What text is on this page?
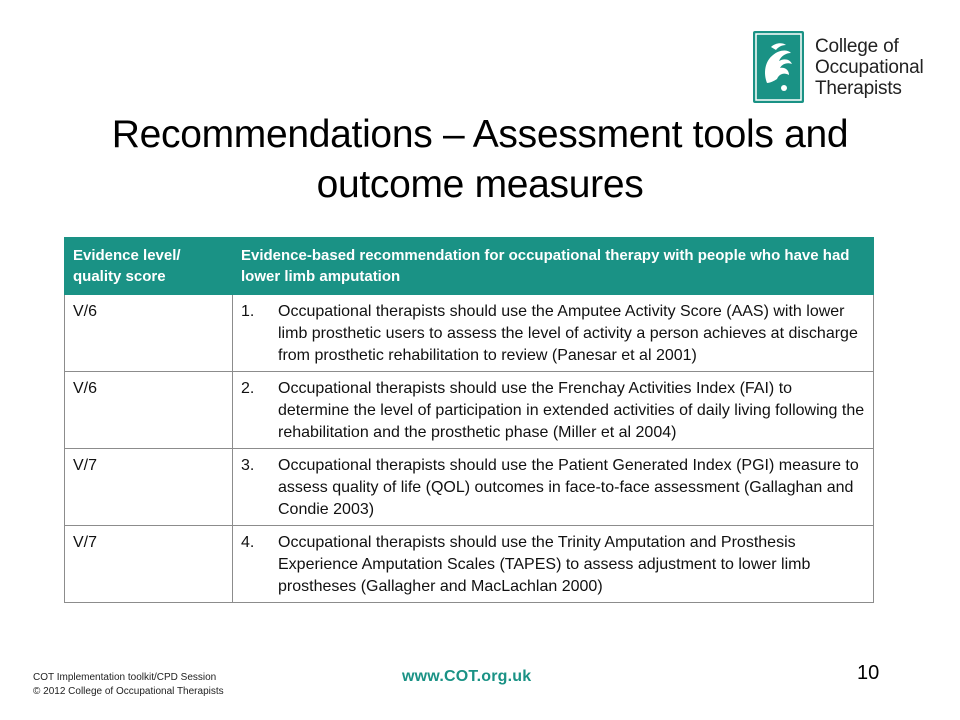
College of
Occupational
Therapists
Recommendations – Assessment tools and outcome measures
Evidence level/ quality score	Evidence-based recommendation for occupational therapy with people who have had lower limb amputation
V/6	1. Occupational therapists should use the Amputee Activity Score (AAS) with lower limb prosthetic users to assess the level of activity a person achieves at discharge from prosthetic rehabilitation to review (Panesar et al 2001)

V/6	2. Occupational therapists should use the Frenchay Activities Index (FAI) to determine the level of participation in extended activities of daily living following the rehabilitation and the prosthetic phase (Miller et al 2004)

V/7	3. Occupational therapists should use the Patient Generated Index (PGI) measure to assess quality of life (QOL) outcomes in face-to-face assessment (Gallaghan and Condie 2003)

V/7	4. Occupational therapists should use the Trinity Amputation and Prosthesis Experience Amputation Scales (TAPES) to assess adjustment to lower limb prostheses (Gallagher and MacLachlan 2000)
COT Implementation toolkit/CPD Session
© 2012 College of Occupational Therapists
www.COT.org.uk	10
